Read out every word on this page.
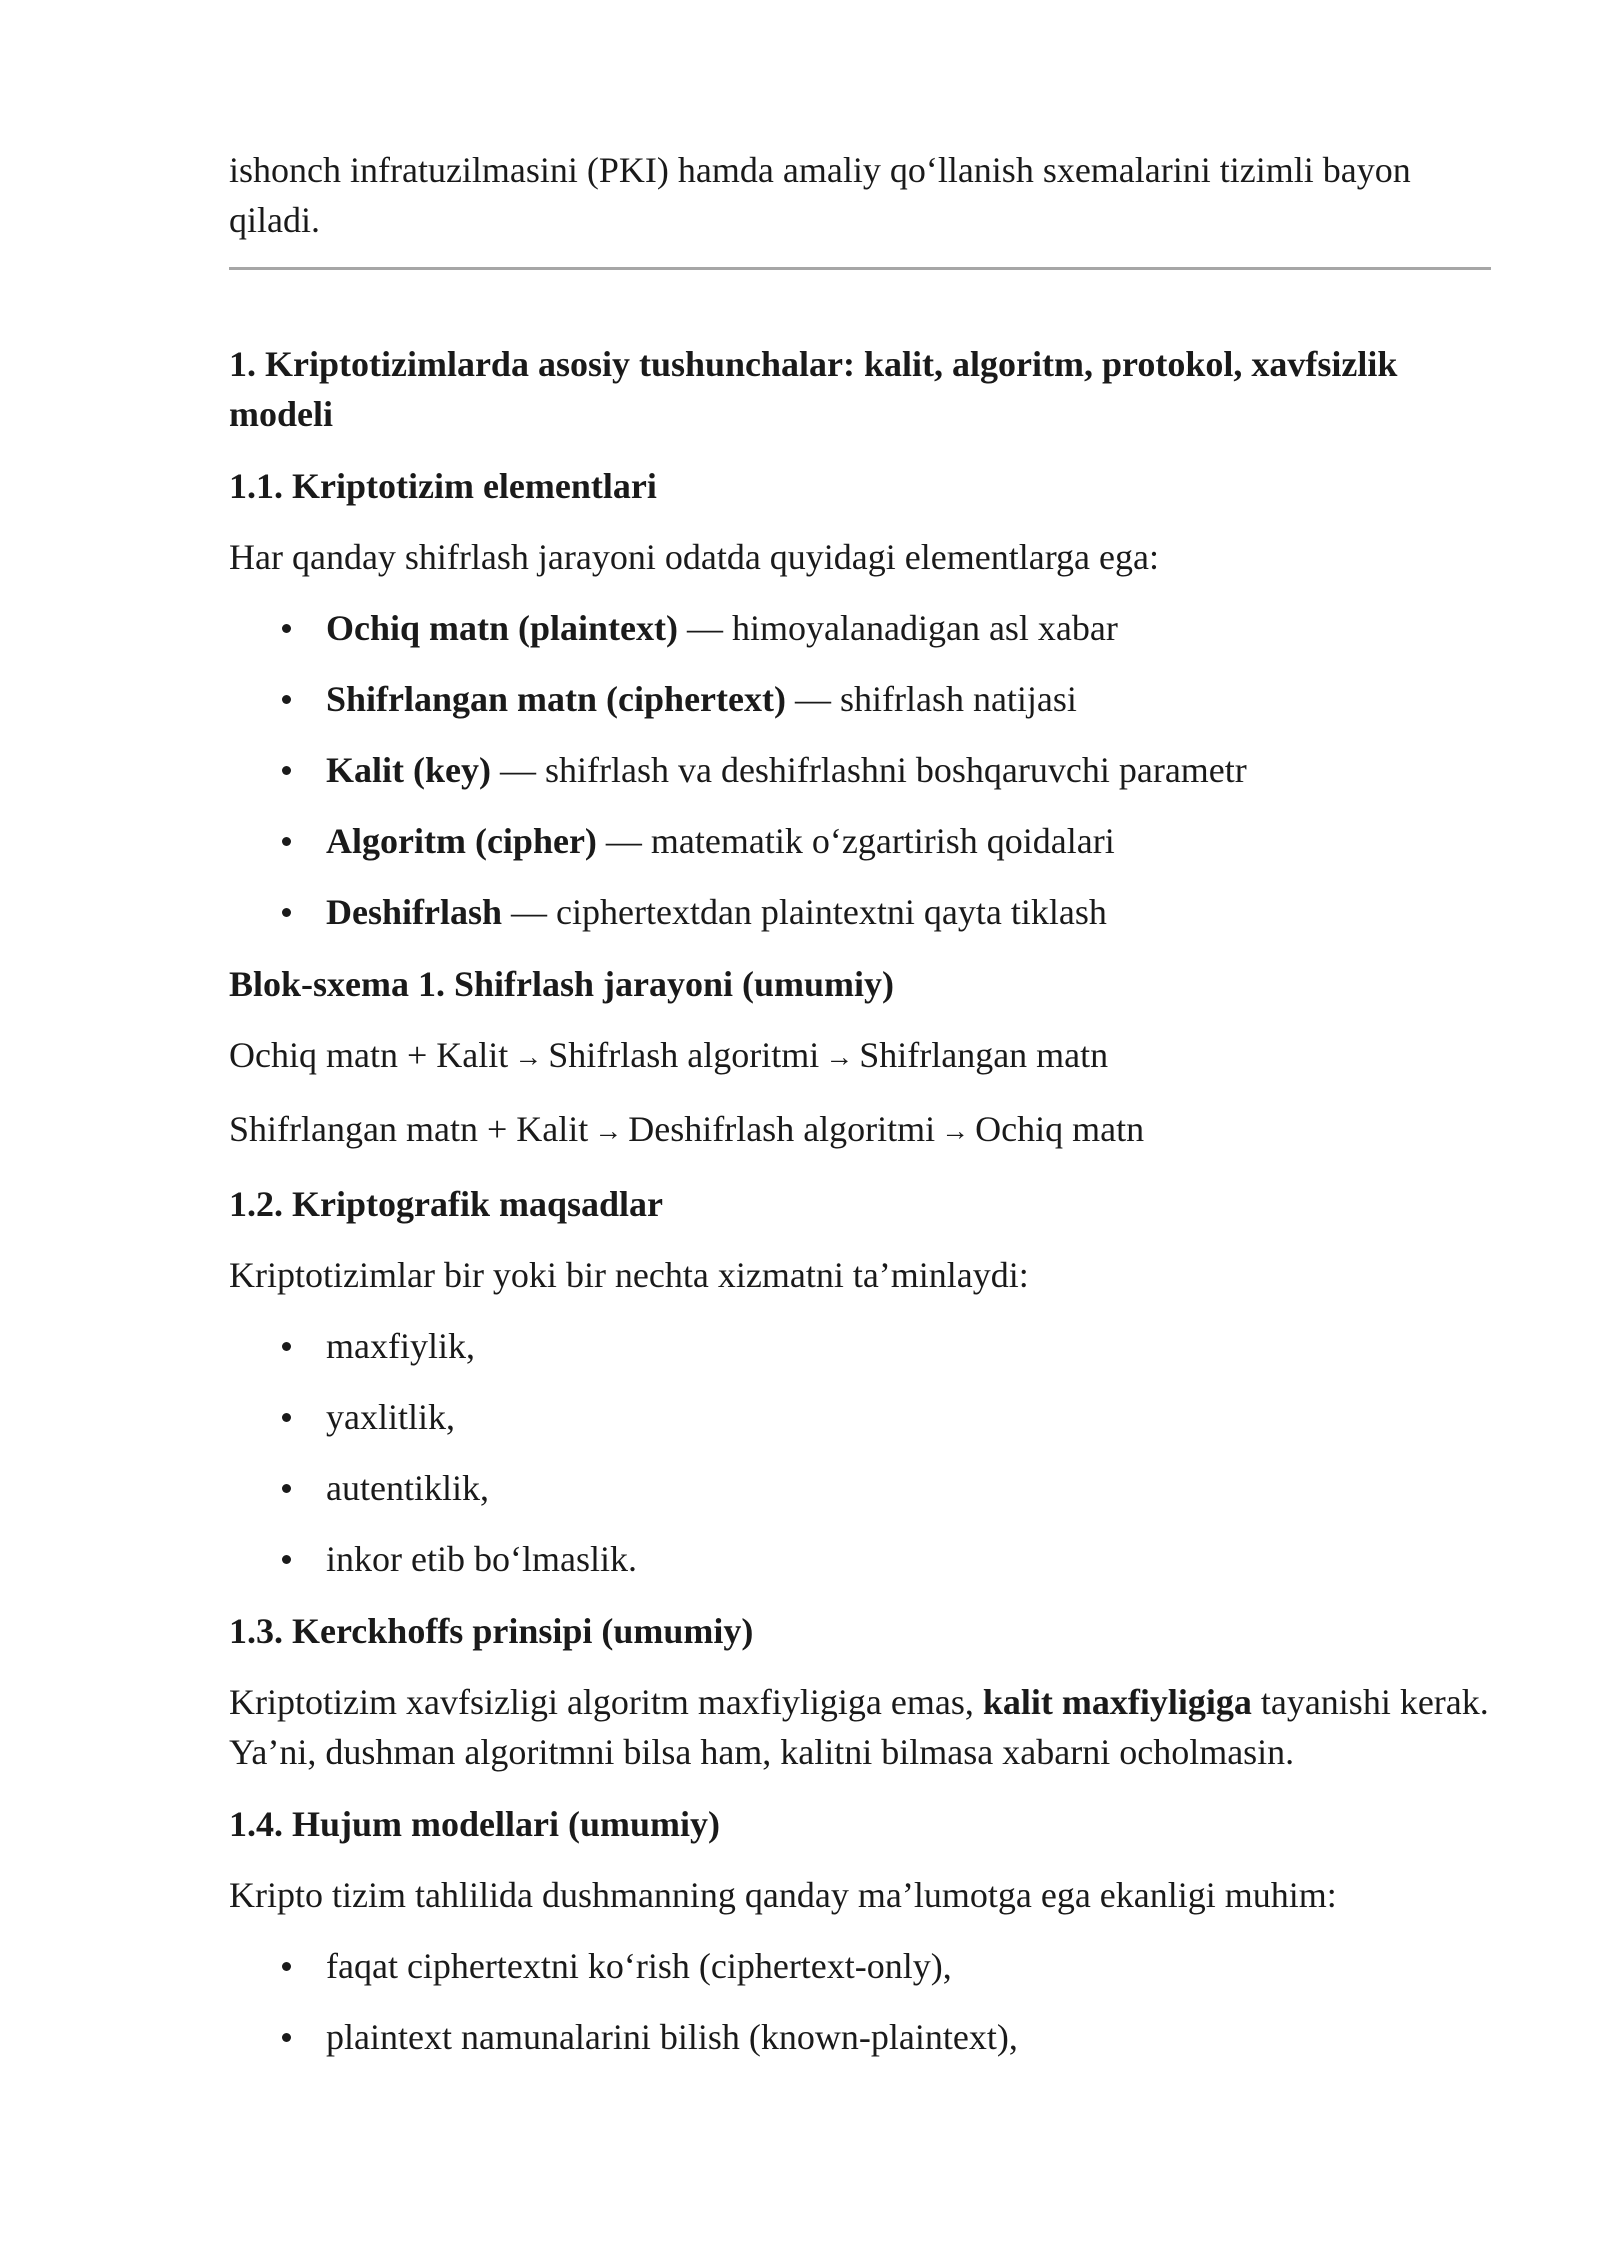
ishonch infratuzilmasini (PKI) hamda amaliy qo‘llanish sxemalarini tizimli bayon qiladi.

1. Kriptotizimlarda asosiy tushunchalar: kalit, algoritm, protokol, xavfsizlik modeli
1.1. Kriptotizim elementlari

Har qanday shifrlash jarayoni odatda quyidagi elementlarga ega:

Ochiq matn (plaintext) — himoyalanadigan asl xabar
Shifrlangan matn (ciphertext) — shifrlash natijasi
Kalit (key) — shifrlash va deshifrlashni boshqaruvchi parametr
Algoritm (cipher) — matematik o‘zgartirish qoidalari
Deshifrlash — ciphertextdan plaintextni qayta tiklash
Blok-sxema 1. Shifrlash jarayoni (umumiy)

Ochiq matn + Kalit → Shifrlash algoritmi → Shifrlangan matn

Shifrlangan matn + Kalit → Deshifrlash algoritmi → Ochiq matn

1.2. Kriptografik maqsadlar

Kriptotizimlar bir yoki bir nechta xizmatni ta’minlaydi:

maxfiylik,
yaxlitlik,
autentiklik,
inkor etib bo‘lmaslik.
1.3. Kerckhoffs prinsipi (umumiy)

Kriptotizim xavfsizligi algoritm maxfiyligiga emas, kalit maxfiyligiga tayanishi kerak. Ya’ni, dushman algoritmni bilsa ham, kalitni bilmasa xabarni ocholmasin.

1.4. Hujum modellari (umumiy)

Kripto tizim tahlilida dushmanning qanday ma’lumotga ega ekanligi muhim:

faqat ciphertextni ko‘rish (ciphertext-only),
plaintext namunalarini bilish (known-plaintext),
